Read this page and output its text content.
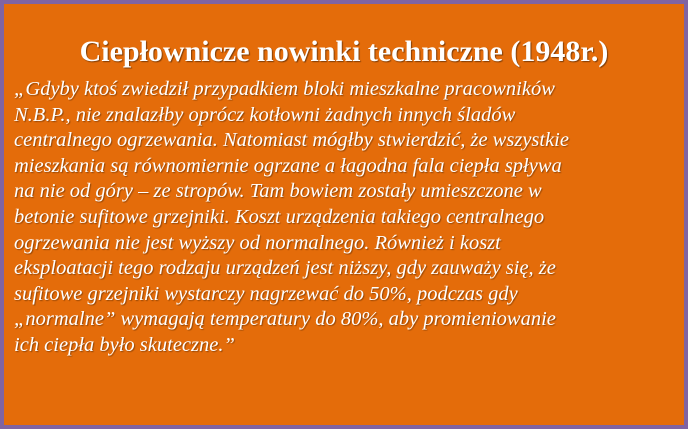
Ciepłownicze nowinki techniczne (1948r.)
„Gdyby ktoś zwiedził przypadkiem bloki mieszkalne pracowników
N.B.P., nie znalazłby oprócz kotłowni żadnych innych śladów
centralnego ogrzewania. Natomiast mógłby stwierdzić, że wszystkie
mieszkania są równomiernie ogrzane a łagodna fala ciepła spływa
na nie od góry – ze stropów. Tam bowiem zostały umieszczone w
betonie sufitowe grzejniki. Koszt urządzenia takiego centralnego
ogrzewania nie jest wyższy od normalnego. Również i koszt
eksploatacji tego rodzaju urządzeń jest niższy, gdy zauważy się, że
sufitowe grzejniki wystarczy nagrzewać do 50%, podczas gdy
„normalne” wymagają temperatury do 80%, aby promieniowanie
ich ciepła było skuteczne.”
